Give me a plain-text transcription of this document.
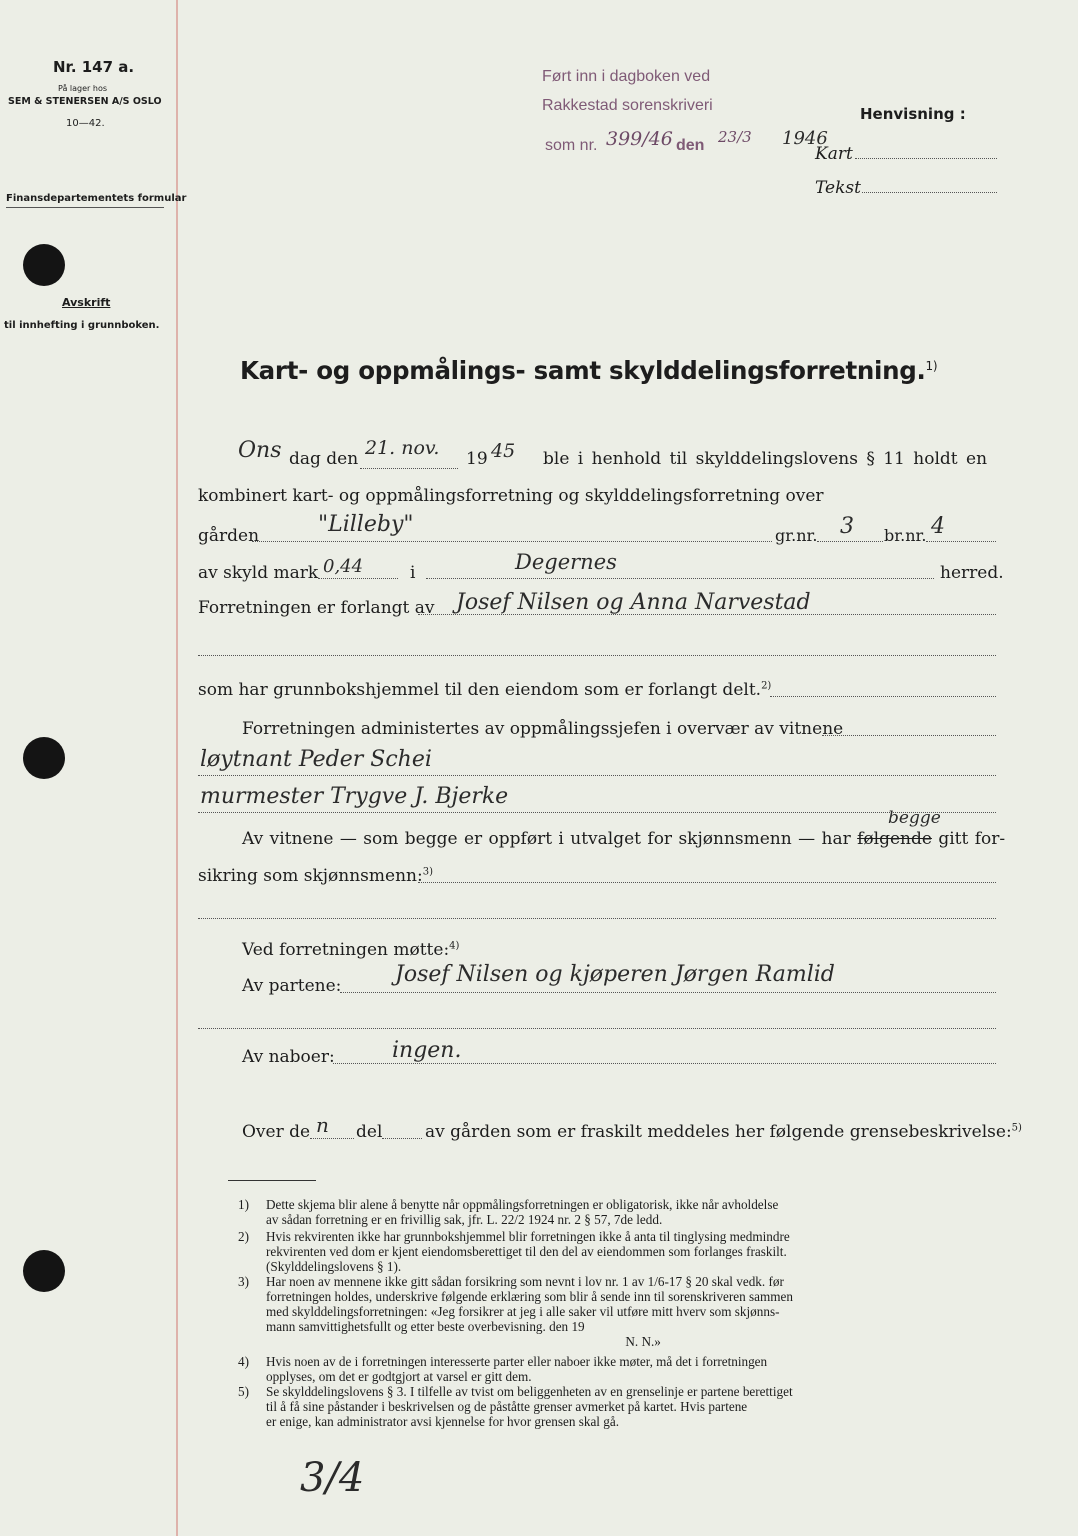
Nr. 147 a.
På lager hos
SEM & STENERSEN A/S OSLO
10—42.
Finansdepartementets formular
Avskrift
til innhefting i grunnboken.
Ført inn i dagboken ved
Rakkestad sorenskriveri
som nr. 399/46 den 23/3 1946
Henvisning :
Kart
Tekst
Kart- og oppmålings- samt skylddelingsforretning.$^{1)}$
Ons dag den 21. nov. 19 45 ble i henhold til skylddelingslovens § 11 holdt en
kombinert kart- og oppmålingsforretning og skylddelingsforretning over
gården	"Lilleby"	gr.nr. 3 br.nr. 4
av skyld mark 0,44	i	Degernes	herred.
Forretningen er forlangt av Josef Nilsen og Anna Narvestad
som har grunnbokshjemmel til den eiendom som er forlangt delt.$^{2)}$
Forretningen administertes av oppmålingssjefen i overvær av vitnene
løytnant Peder Schei
murmester Trygve J. Bjerke
begge
Av vitnene — som begge er oppført i utvalget for skjønnsmenn — har følgende gitt for-
sikring som skjønnsmenn:$^{3)}$
Ved forretningen møtte:$^{4)}$
Av partene: Josef Nilsen og kjøperen Jørgen Ramlid
Av naboer:	ingen.
Over de n del	av gården som er fraskilt meddeles her følgende grensebeskrivelse:$^{5)}$
1) Dette skjema blir alene å benytte når oppmålingsforretningen er obligatorisk, ikke når avholdelse
av sådan forretning er en frivillig sak, jfr. L. 22/2 1924 nr. 2 § 57, 7de ledd.
2) Hvis rekvirenten ikke har grunnbokshjemmel blir forretningen ikke å anta til tinglysing medmindre
rekvirenten ved dom er kjent eiendomsberettiget til den del av eiendommen som forlanges fraskilt.
(Skylddelingslovens § 1).
3) Har noen av mennene ikke gitt sådan forsikring som nevnt i lov nr. 1 av 1/6-17 § 20 skal vedk. før
forretningen holdes, underskrive følgende erklæring som blir å sende inn til sorenskriveren sammen
med skylddelingsforretningen: «Jeg forsikrer at jeg i alle saker vil utføre mitt hverv som skjønns-
mann samvittighetsfullt og etter beste overbevisning. den 19
N. N.»
4) Hvis noen av de i forretningen interesserte parter eller naboer ikke møter, må det i forretningen
opplyses, om det er godtgjort at varsel er gitt dem.
5) Se skylddelingslovens § 3. I tilfelle av tvist om beliggenheten av en grenselinje er partene berettiget
til å få sine påstander i beskrivelsen og de påståtte grenser avmerket på kartet. Hvis partene
er enige, kan administrator avsi kjennelse for hvor grensen skal gå.
3/4
